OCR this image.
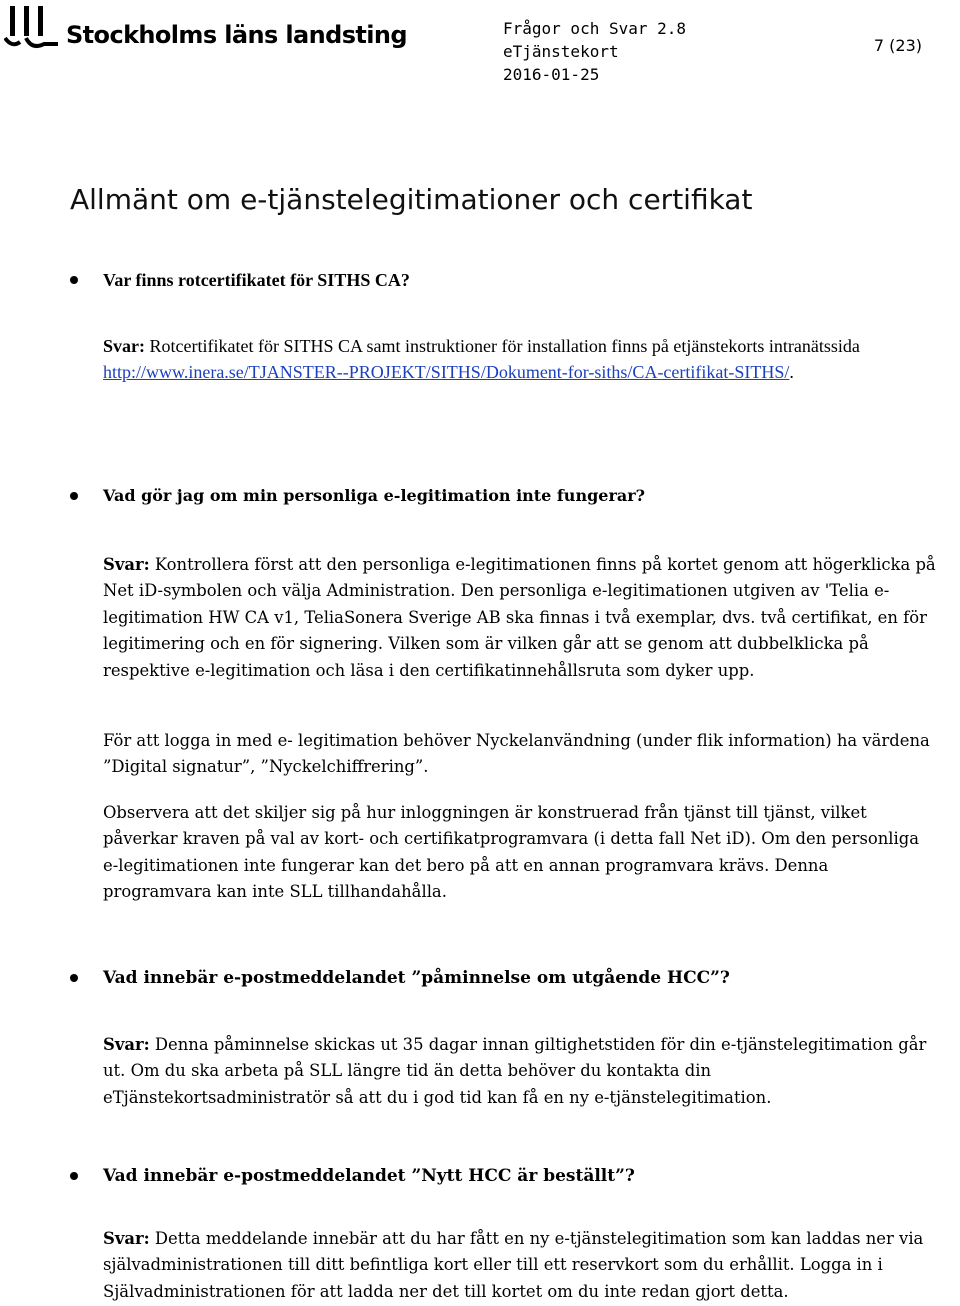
Stockholms läns landsting	Frågor och Svar 2.8
eTjänstekort
2016-01-25
7 (23)
Allmänt om e-tjänstelegitimationer och certifikat
Var finns rotcertifikatet för SITHS CA?
Svar: Rotcertifikatet för SITHS CA samt instruktioner för installation finns på etjänstekorts intranätssida http://www.inera.se/TJANSTER--PROJEKT/SITHS/Dokument-for-siths/CA-certifikat-SITHS/.
Vad gör jag om min personliga e-legitimation inte fungerar?
Svar: Kontrollera först att den personliga e-legitimationen finns på kortet genom att högerklicka på Net iD-symbolen och välja Administration. Den personliga e-legitimationen utgiven av 'Telia e-legitimation HW CA v1, TeliaSonera Sverige AB ska finnas i två exemplar, dvs. två certifikat, en för legitimering och en för signering. Vilken som är vilken går att se genom att dubbelklicka på respektive e-legitimation och läsa i den certifikatinnehållsruta som dyker upp.
För att logga in med e- legitimation behöver Nyckelanvändning (under flik information) ha värdena ”Digital signatur”, ”Nyckelchiffrering”.
Observera att det skiljer sig på hur inloggningen är konstruerad från tjänst till tjänst, vilket påverkar kraven på val av kort- och certifikatprogramvara (i detta fall Net iD). Om den personliga e-legitimationen inte fungerar kan det bero på att en annan programvara krävs. Denna programvara kan inte SLL tillhandahålla.
Vad innebär e-postmeddelandet ”påminnelse om utgående HCC”?
Svar: Denna påminnelse skickas ut 35 dagar innan giltighetstiden för din e-tjänstelegitimation går ut. Om du ska arbeta på SLL längre tid än detta behöver du kontakta din eTjänstekortsadministratör så att du i god tid kan få en ny e-tjänstelegitimation.
Vad innebär e-postmeddelandet ”Nytt HCC är beställt”?
Svar: Detta meddelande innebär att du har fått en ny e-tjänstelegitimation som kan laddas ner via självadministrationen till ditt befintliga kort eller till ett reservkort som du erhållit. Logga in i Självadministrationen för att ladda ner det till kortet om du inte redan gjort detta.
